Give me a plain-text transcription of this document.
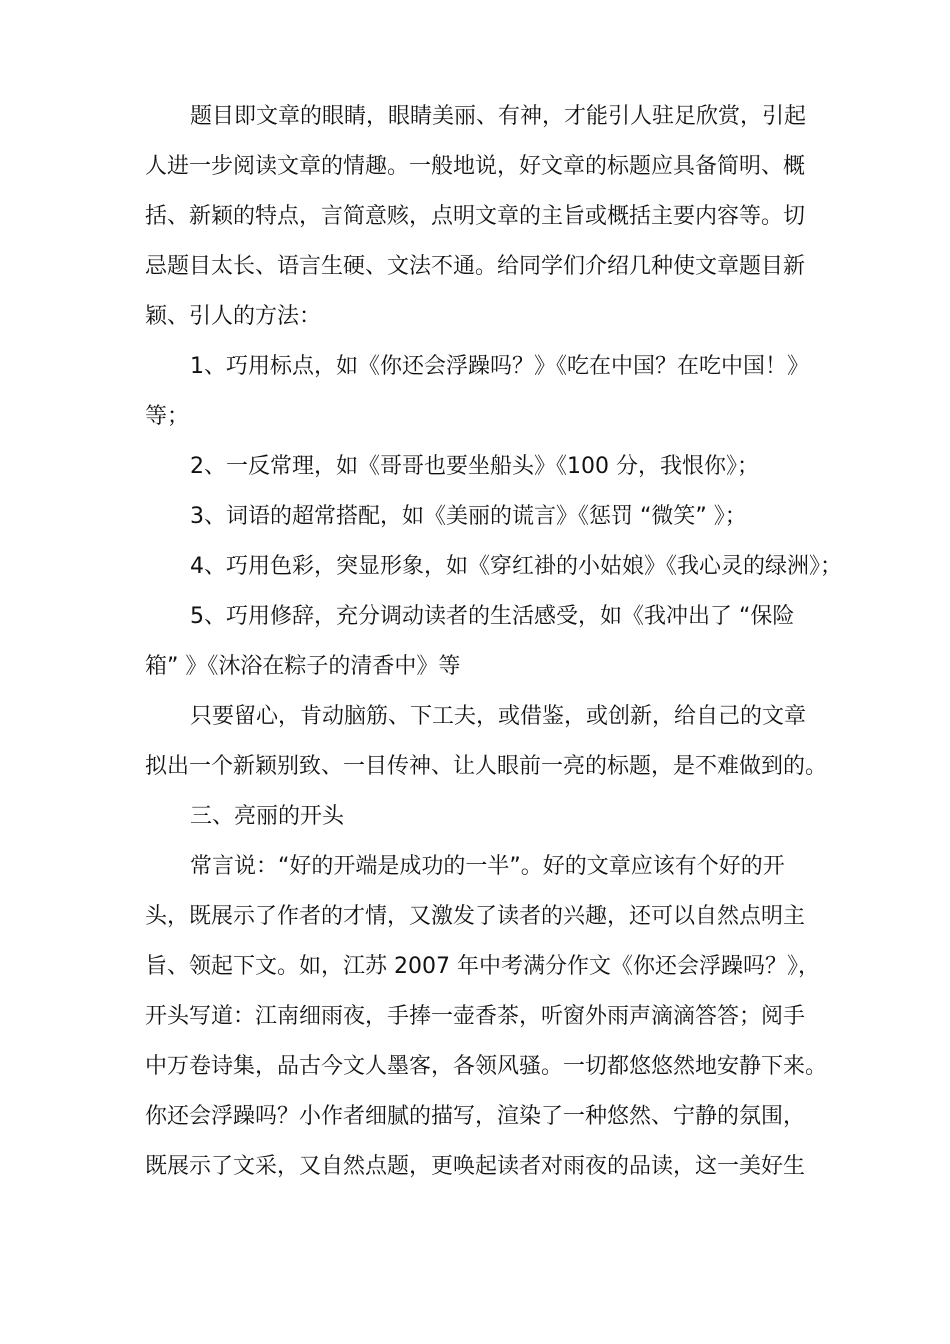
题目即文章的眼睛，眼睛美丽、有神，才能引人驻足欣赏，引起
人进一步阅读文章的情趣。一般地说，好文章的标题应具备简明、概
括、新颖的特点，言简意赅，点明文章的主旨或概括主要内容等。切
忌题目太长、语言生硬、文法不通。给同学们介绍几种使文章题目新
颖、引人的方法：
1、巧用标点，如《你还会浮躁吗？》《吃在中国？在吃中国！》
等；
2、一反常理，如《哥哥也要坐船头》《100 分，我恨你》；
3、词语的超常搭配，如《美丽的谎言》《惩罚 “微笑” 》；
4、巧用色彩，突显形象，如《穿红褂的小姑娘》《我心灵的绿洲》；
5、巧用修辞，充分调动读者的生活感受，如《我冲出了 “保险
箱” 》《沐浴在粽子的清香中》等
只要留心，肯动脑筋、下工夫，或借鉴，或创新，给自己的文章
拟出一个新颖别致、一目传神、让人眼前一亮的标题，是不难做到的。
三、亮丽的开头
常言说：“好的开端是成功的一半”。好的文章应该有个好的开
头，既展示了作者的才情，又激发了读者的兴趣，还可以自然点明主
旨、领起下文。如，江苏 2007 年中考满分作文《你还会浮躁吗？》，
开头写道：江南细雨夜，手捧一壶香茶，听窗外雨声滴滴答答；阅手
中万卷诗集，品古今文人墨客，各领风骚。一切都悠悠然地安静下来。
你还会浮躁吗？小作者细腻的描写，渲染了一种悠然、宁静的氛围，
既展示了文采，又自然点题，更唤起读者对雨夜的品读，这一美好生
